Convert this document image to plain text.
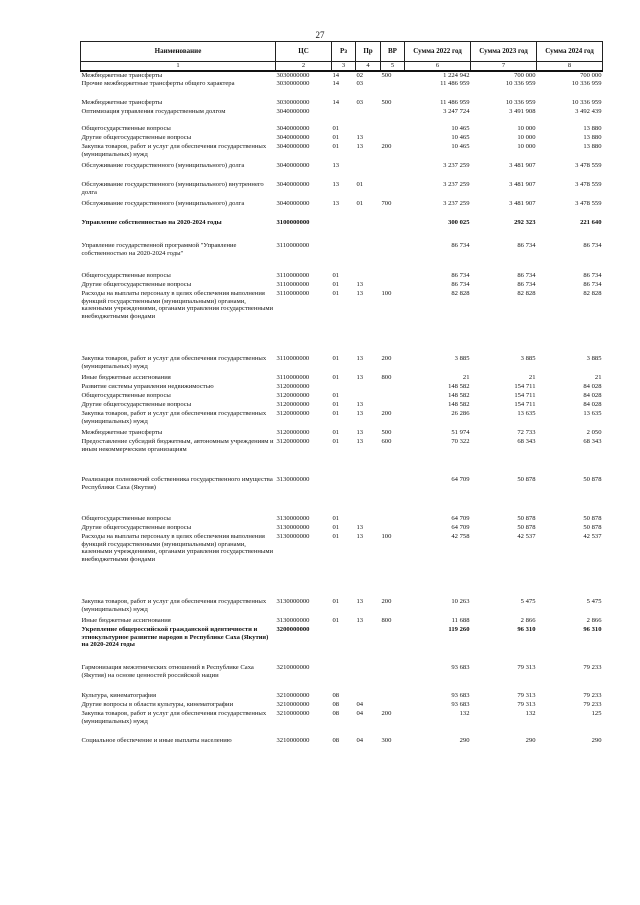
27
Наименование	ЦС	Рз	Пр	ВР	Сумма 2022 год	Сумма 2023 год	Сумма 2024 год
1	2	3	4	5	6	7	8
Межбюджетные трансферты	3030000000	14	02	500	1 224 942	700 000	700 000
Прочие межбюджетные трансферты общего характера	3030000000	14	03		11 486 959	10 336 959	10 336 959
Межбюджетные трансферты	3030000000	14	03	500	11 486 959	10 336 959	10 336 959
Оптимизация управления государственным долгом	3040000000				3 247 724	3 491 908	3 492 439
Общегосударственные вопросы	3040000000	01			10 465	10 000	13 880
Другие общегосударственные вопросы	3040000000	01	13		10 465	10 000	13 880
Закупка товаров, работ и услуг для обеспечения государственных (муниципальных) нужд	3040000000	01	13	200	10 465	10 000	13 880
Обслуживание государственного (муниципального) долга	3040000000	13			3 237 259	3 481 907	3 478 559
Обслуживание государственного (муниципального) внутреннего долга	3040000000	13	01		3 237 259	3 481 907	3 478 559
Обслуживание государственного (муниципального) долга	3040000000	13	01	700	3 237 259	3 481 907	3 478 559
Управление собственностью на 2020-2024 годы	3100000000				300 025	292 323	221 640
Управление государственной программой "Управление собственностью на 2020-2024 годы"	3110000000				86 734	86 734	86 734
Общегосударственные вопросы	3110000000	01			86 734	86 734	86 734
Другие общегосударственные вопросы	3110000000	01	13		86 734	86 734	86 734
Расходы на выплаты персоналу в целях обеспечения выполнения функций государственными (муниципальными) органами, казенными учреждениями, органами управления государственными внебюджетными фондами	3110000000	01	13	100	82 828	82 828	82 828
Закупка товаров, работ и услуг для обеспечения государственных (муниципальных) нужд	3110000000	01	13	200	3 885	3 885	3 885
Иные бюджетные ассигнования	3110000000	01	13	800	21	21	21
Развитие системы управления недвижимостью	3120000000				148 582	154 711	84 028
Общегосударственные вопросы	3120000000	01			148 582	154 711	84 028
Другие общегосударственные вопросы	3120000000	01	13		148 582	154 711	84 028
Закупка товаров, работ и услуг для обеспечения государственных (муниципальных) нужд	3120000000	01	13	200	26 286	13 635	13 635
Межбюджетные трансферты	3120000000	01	13	500	51 974	72 733	2 050
Предоставление субсидий бюджетным, автономным учреждениям и иным некоммерческим организациям	3120000000	01	13	600	70 322	68 343	68 343
Реализация полномочий собственника государственного имущества Республики Саха (Якутия)	3130000000				64 709	50 878	50 878
Общегосударственные вопросы	3130000000	01			64 709	50 878	50 878
Другие общегосударственные вопросы	3130000000	01	13		64 709	50 878	50 878
Расходы на выплаты персоналу в целях обеспечения выполнения функций государственными (муниципальными) органами, казенными учреждениями, органами управления государственными внебюджетными фондами	3130000000	01	13	100	42 758	42 537	42 537
Закупка товаров, работ и услуг для обеспечения государственных (муниципальных) нужд	3130000000	01	13	200	10 263	5 475	5 475
Иные бюджетные ассигнования	3130000000	01	13	800	11 688	2 866	2 866
Укрепление общероссийской гражданской идентичности и этнокультурное развитие народов в Республике Саха (Якутия) на 2020-2024 годы	3200000000				119 260	96 310	96 310
Гармонизация межэтнических отношений в Республике Саха (Якутия) на основе ценностей российской нации	3210000000				93 683	79 313	79 233
Культура, кинематография	3210000000	08			93 683	79 313	79 233
Другие вопросы в области культуры, кинематографии	3210000000	08	04		93 683	79 313	79 233
Закупка товаров, работ и услуг для обеспечения государственных (муниципальных) нужд	3210000000	08	04	200	132	132	125
Социальное обеспечение и иные выплаты населению	3210000000	08	04	300	290	290	290
